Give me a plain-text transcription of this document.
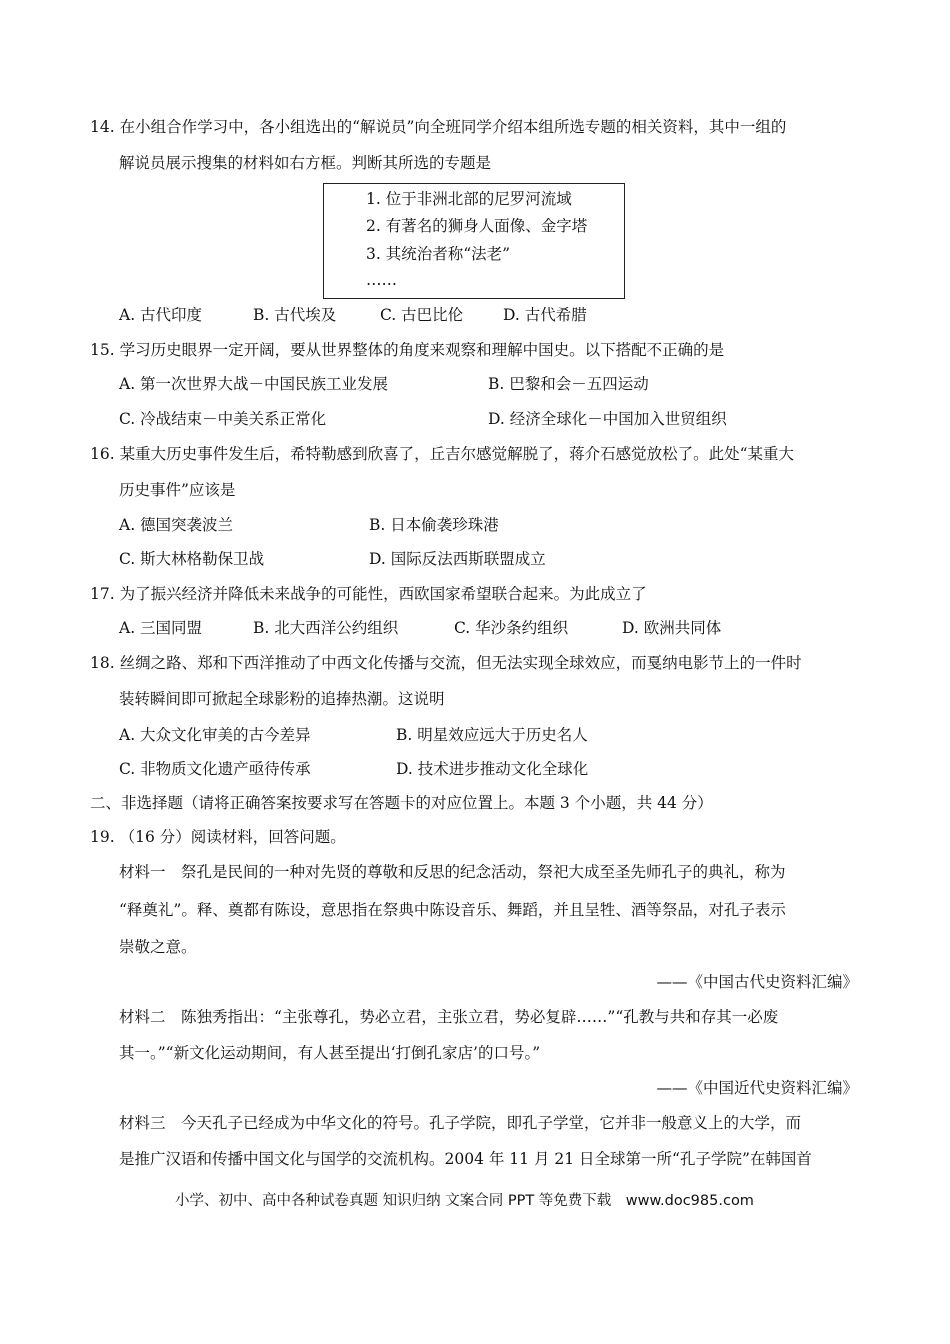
14. 在小组合作学习中，各小组选出的“解说员”向全班同学介绍本组所选专题的相关资料，其中一组的
解说员展示搜集的材料如右方框。判断其所选的专题是
1. 位于非洲北部的尼罗河流域
2. 有著名的狮身人面像、金字塔
3. 其统治者称“法老”
……
A. 古代印度	B. 古代埃及	C. 古巴比伦	D. 古代希腊
15. 学习历史眼界一定开阔，要从世界整体的角度来观察和理解中国史。以下搭配不正确的是
A. 第一次世界大战－中国民族工业发展	B. 巴黎和会－五四运动
C. 冷战结束－中美关系正常化	D. 经济全球化－中国加入世贸组织
16. 某重大历史事件发生后，希特勒感到欣喜了，丘吉尔感觉解脱了，蒋介石感觉放松了。此处“某重大
历史事件”应该是
A. 德国突袭波兰	B. 日本偷袭珍珠港
C. 斯大林格勒保卫战	D. 国际反法西斯联盟成立
17. 为了振兴经济并降低未来战争的可能性，西欧国家希望联合起来。为此成立了
A. 三国同盟	B. 北大西洋公约组织	C. 华沙条约组织	D. 欧洲共同体
18. 丝绸之路、郑和下西洋推动了中西文化传播与交流，但无法实现全球效应，而戛纳电影节上的一件时
装转瞬间即可掀起全球影粉的追捧热潮。这说明
A. 大众文化审美的古今差异	B. 明星效应远大于历史名人
C. 非物质文化遗产亟待传承	D. 技术进步推动文化全球化
二、非选择题（请将正确答案按要求写在答题卡的对应位置上。本题 3 个小题，共 44 分）
19. （16 分）阅读材料，回答问题。
材料一　祭孔是民间的一种对先贤的尊敬和反思的纪念活动，祭祀大成至圣先师孔子的典礼，称为
“释奠礼”。释、奠都有陈设，意思指在祭典中陈设音乐、舞蹈，并且呈牲、酒等祭品，对孔子表示
崇敬之意。
——《中国古代史资料汇编》
材料二　陈独秀指出：“主张尊孔，势必立君，主张立君，势必复辟……”“孔教与共和存其一必废
其一。”“新文化运动期间，有人甚至提出‘打倒孔家店’的口号。”
——《中国近代史资料汇编》
材料三　今天孔子已经成为中华文化的符号。孔子学院，即孔子学堂，它并非一般意义上的大学，而
是推广汉语和传播中国文化与国学的交流机构。2004 年 11 月 21 日全球第一所“孔子学院”在韩国首
小学、初中、高中各种试卷真题 知识归纳 文案合同 PPT 等免费下载　www.doc985.com
